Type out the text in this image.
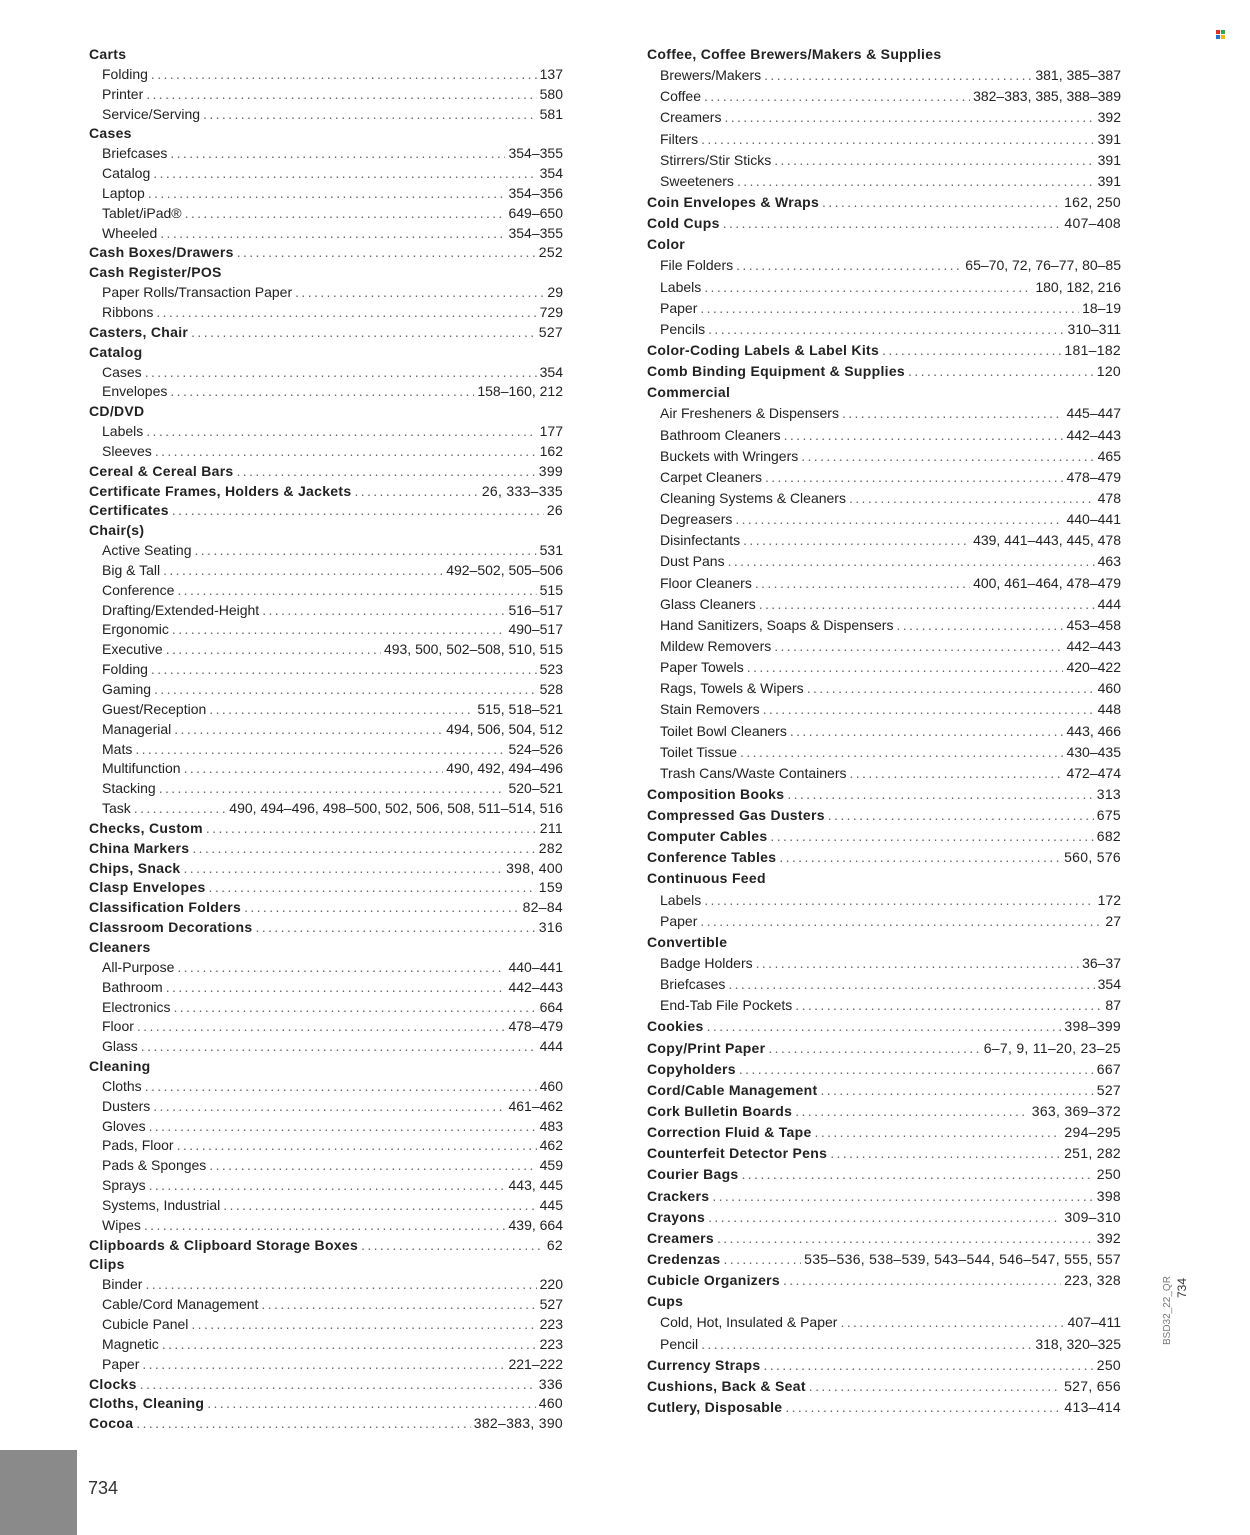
Carts
Folding . . .	137
Printer . . .	580
Service/Serving . . .	581
Cases
Briefcases . . .	354–355
Catalog . . .	354
Laptop . . .	354–356
Tablet/iPad® . . .	649–650
Wheeled . . .	354–355
Cash Boxes/Drawers . . .	252
Cash Register/POS
Paper Rolls/Transaction Paper . . .	29
Ribbons . . .	729
Casters, Chair . . .	527
Catalog
Cases . . .	354
Envelopes . . .	158–160, 212
CD/DVD
Labels . . .	177
Sleeves . . .	162
Cereal & Cereal Bars . . .	399
Certificate Frames, Holders & Jackets . . .	26, 333–335
Certificates . . .	26
Chair(s)
Active Seating . . .	531
Big & Tall . . .	492–502, 505–506
Conference . . .	515
Drafting/Extended-Height . . .	516–517
Ergonomic . . .	490–517
Executive . . .	493, 500, 502–508, 510, 515
Folding . . .	523
Gaming . . .	528
Guest/Reception . . .	515, 518–521
Managerial . . .	494, 506, 504, 512
Mats . . .	524–526
Multifunction . . .	490, 492, 494–496
Stacking . . .	520–521
Task . . .	490, 494–496, 498–500, 502, 506, 508, 511–514, 516
Checks, Custom . . .	211
China Markers . . .	282
Chips, Snack . . .	398, 400
Clasp Envelopes . . .	159
Classification Folders . . .	82–84
Classroom Decorations . . .	316
Cleaners
All-Purpose . . .	440–441
Bathroom . . .	442–443
Electronics . . .	664
Floor . . .	478–479
Glass . . .	444
Cleaning
Cloths . . .	460
Dusters . . .	461–462
Gloves . . .	483
Pads, Floor . . .	462
Pads & Sponges . . .	459
Sprays . . .	443, 445
Systems, Industrial . . .	445
Wipes . . .	439, 664
Clipboards & Clipboard Storage Boxes . . .	62
Clips
Binder . . .	220
Cable/Cord Management . . .	527
Cubicle Panel . . .	223
Magnetic . . .	223
Paper . . .	221–222
Clocks . . .	336
Cloths, Cleaning . . .	460
Cocoa . . .	382–383, 390
Coffee, Coffee Brewers/Makers & Supplies
Brewers/Makers . . .	381, 385–387
Coffee . . .	382–383, 385, 388–389
Creamers . . .	392
Filters . . .	391
Stirrers/Stir Sticks . . .	391
Sweeteners . . .	391
Coin Envelopes & Wraps . . .	162, 250
Cold Cups . . .	407–408
Color
File Folders . . .	65–70, 72, 76–77, 80–85
Labels . . .	180, 182, 216
Paper . . .	18–19
Pencils . . .	310–311
Color-Coding Labels & Label Kits . . .	181–182
Comb Binding Equipment & Supplies . . .	120
Commercial
Air Fresheners & Dispensers . . .	445–447
Bathroom Cleaners . . .	442–443
Buckets with Wringers . . .	465
Carpet Cleaners . . .	478–479
Cleaning Systems & Cleaners . . .	478
Degreasers . . .	440–441
Disinfectants . . .	439, 441–443, 445, 478
Dust Pans . . .	463
Floor Cleaners . . .	400, 461–464, 478–479
Glass Cleaners . . .	444
Hand Sanitizers, Soaps & Dispensers . . .	453–458
Mildew Removers . . .	442–443
Paper Towels . . .	420–422
Rags, Towels & Wipers . . .	460
Stain Removers . . .	448
Toilet Bowl Cleaners . . .	443, 466
Toilet Tissue . . .	430–435
Trash Cans/Waste Containers . . .	472–474
Composition Books . . .	313
Compressed Gas Dusters . . .	675
Computer Cables . . .	682
Conference Tables . . .	560, 576
Continuous Feed
Labels . . .	172
Paper . . .	27
Convertible
Badge Holders . . .	36–37
Briefcases . . .	354
End-Tab File Pockets . . .	87
Cookies . . .	398–399
Copy/Print Paper . . .	6–7, 9, 11–20, 23–25
Copyholders . . .	667
Cord/Cable Management . . .	527
Cork Bulletin Boards . . .	363, 369–372
Correction Fluid & Tape . . .	294–295
Counterfeit Detector Pens . . .	251, 282
Courier Bags . . .	250
Crackers . . .	398
Crayons . . .	309–310
Creamers . . .	392
Credenzas . . .	535–536, 538–539, 543–544, 546–547, 555, 557
Cubicle Organizers . . .	223, 328
Cups
Cold, Hot, Insulated & Paper . . .	407–411
Pencil . . .	318, 320–325
Currency Straps . . .	250
Cushions, Back & Seat . . .	527, 656
Cutlery, Disposable . . .	413–414
734
734
BSD32_22_QR
